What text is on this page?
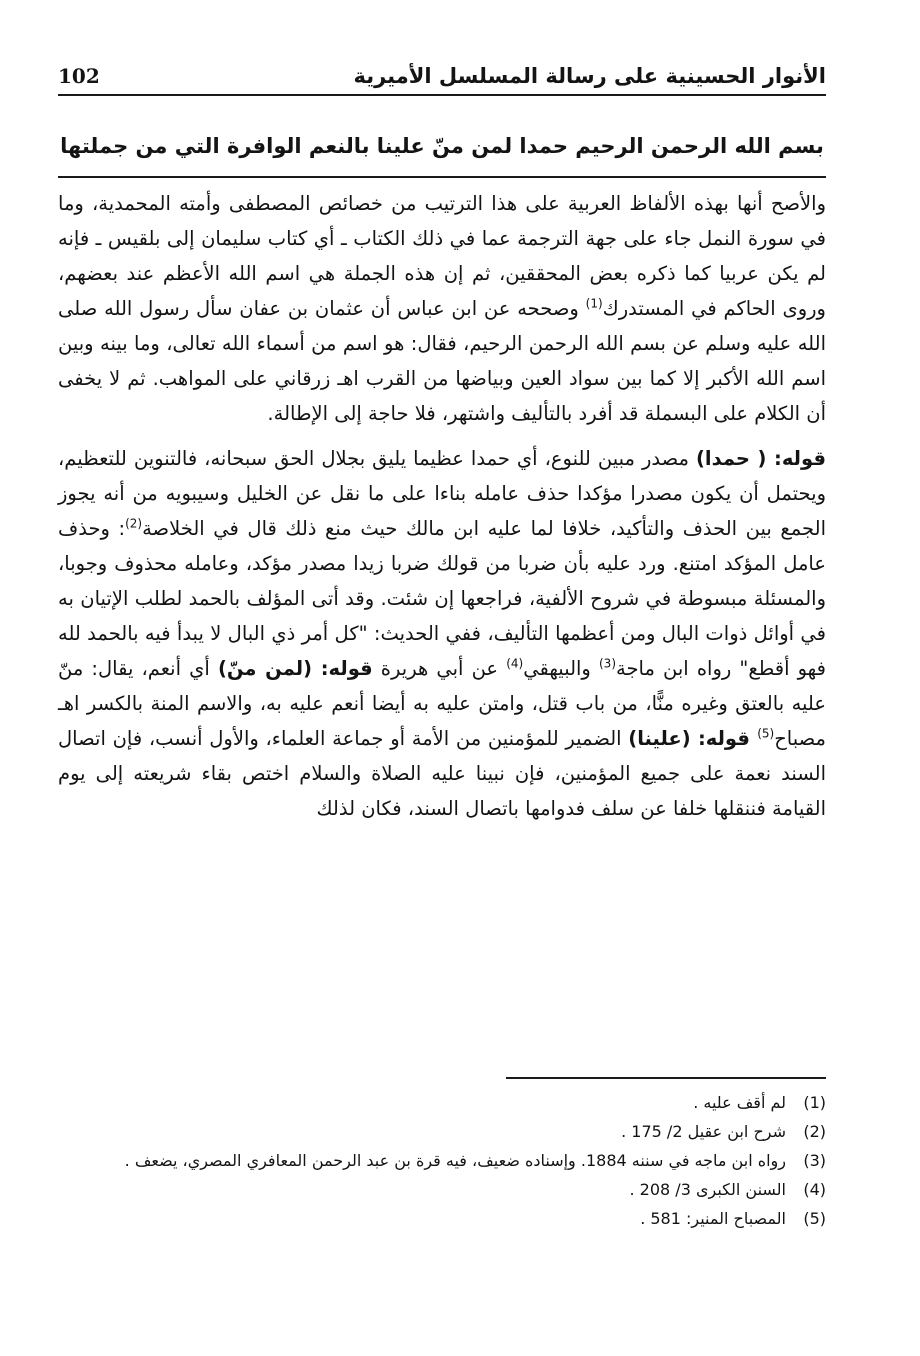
102	الأنوار الحسينية على رسالة المسلسل الأميرية
بسم الله الرحمن الرحيم حمدا لمن منّ علينا بالنعم الوافرة التي من جملتها

والأصح أنها بهذه الألفاظ العربية على هذا الترتيب من خصائص المصطفى وأمته المحمدية، وما في سورة النمل جاء على جهة الترجمة عما في ذلك الكتاب ـ أي كتاب سليمان إلى بلقيس ـ فإنه لم يكن عربيا كما ذكره بعض المحققين، ثم إن هذه الجملة هي اسم الله الأعظم عند بعضهم، وروى الحاكم في المستدرك$^{(1)}$ وصححه عن ابن عباس أن عثمان بن عفان سأل رسول الله صلى الله عليه وسلم عن بسم الله الرحمن الرحيم، فقال: هو اسم من أسماء الله تعالى، وما بينه وبين اسم الله الأكبر إلا كما بين سواد العين وبياضها من القرب اهـ زرقاني على المواهب. ثم لا يخفى أن الكلام على البسملة قد أفرد بالتأليف واشتهر، فلا حاجة إلى الإطالة.

قوله: ( حمدا) مصدر مبين للنوع، أي حمدا عظيما يليق بجلال الحق سبحانه، فالتنوين للتعظيم، ويحتمل أن يكون مصدرا مؤكدا حذف عامله بناءا على ما نقل عن الخليل وسيبويه من أنه يجوز الجمع بين الحذف والتأكيد، خلافا لما عليه ابن مالك حيث منع ذلك قال في الخلاصة$^{(2)}$: وحذف عامل المؤكد امتنع. ورد عليه بأن ضربا من قولك ضربا زيدا مصدر مؤكد، وعامله محذوف وجوبا، والمسئلة مبسوطة في شروح الألفية، فراجعها إن شئت. وقد أتى المؤلف بالحمد لطلب الإتيان به في أوائل ذوات البال ومن أعظمها التأليف، ففي الحديث: "كل أمر ذي البال لا يبدأ فيه بالحمد لله فهو أقطع" رواه ابن ماجة$^{(3)}$ والبيهقي$^{(4)}$ عن أبي هريرة قوله: (لمن منّ) أي أنعم، يقال: منّ عليه بالعتق وغيره منًّا، من باب قتل، وامتن عليه به أيضا أنعم عليه به، والاسم المنة بالكسر اهـ مصباح$^{(5)}$ قوله: (علينا) الضمير للمؤمنين من الأمة أو جماعة العلماء، والأول أنسب، فإن اتصال السند نعمة على جميع المؤمنين، فإن نبينا عليه الصلاة والسلام اختص بقاء شريعته إلى يوم القيامة فننقلها خلفا عن سلف فدوامها باتصال السند، فكان لذلك

(1)
لم أقف عليه .
(2)
شرح ابن عقيل 2/ 175 .
(3)
رواه ابن ماجه في سننه 1884. وإسناده ضعيف، فيه قرة بن عبد الرحمن المعافري المصري، يضعف .
(4)
السنن الكبرى 3/ 208 .
(5)
المصباح المنير: 581 .
